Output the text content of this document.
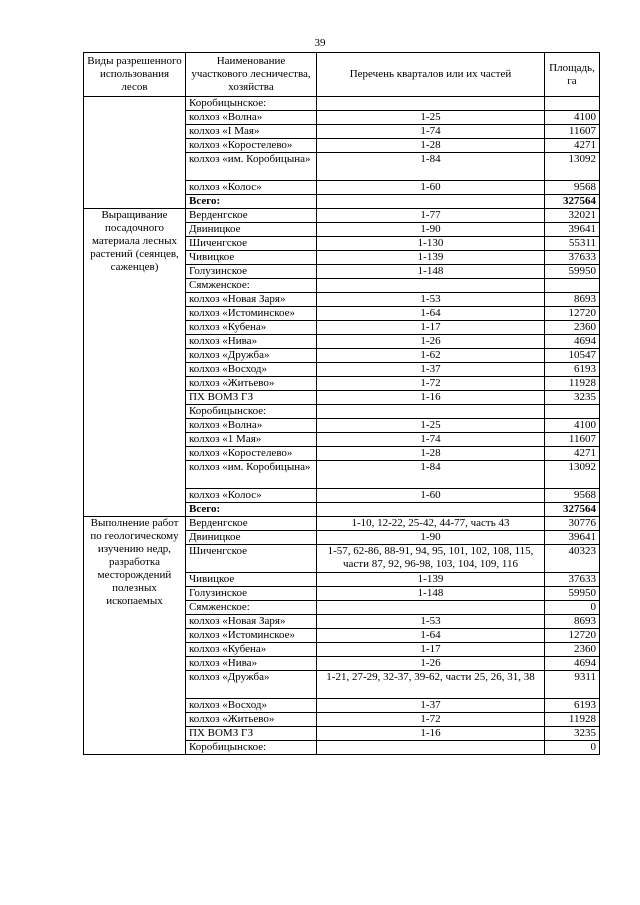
39
Виды разрешенного использования лесов	Наименование участкового лесничества, хозяйства	Перечень кварталов или их частей	Площадь, га
	Коробицынское:		
	колхоз «Волна»	1-25	4100
	колхоз «I Мая»	1-74	11607
	колхоз «Коростелево»	1-28	4271
	колхоз «им. Коробицына»	1-84	13092
	колхоз «Колос»	1-60	9568
	Всего:		327564
Выращивание посадочного материала лесных растений (сеянцев, саженцев)	Верденгское	1-77	32021
	Двиницкое	1-90	39641
	Шиченгское	1-130	55311
	Чивицкое	1-139	37633
	Голузинское	1-148	59950
	Сямженское:		
	колхоз «Новая Заря»	1-53	8693
	колхоз «Истоминское»	1-64	12720
	колхоз «Кубена»	1-17	2360
	колхоз «Нива»	1-26	4694
	колхоз «Дружба»	1-62	10547
	колхоз «Восход»	1-37	6193
	колхоз «Житьево»	1-72	11928
	ПХ ВОМЗ ГЗ	1-16	3235
	Коробицынское:		
	колхоз «Волна»	1-25	4100
	колхоз «1 Мая»	1-74	11607
	колхоз «Коростелево»	1-28	4271
	колхоз «им. Коробицына»	1-84	13092
	колхоз «Колос»	1-60	9568
	Всего:		327564
Выполнение работ по геологическому изучению недр, разработка месторождений полезных ископаемых	Верденгское	1-10, 12-22, 25-42, 44-77, часть 43	30776
	Двиницкое	1-90	39641
	Шиченгское	1-57, 62-86, 88-91, 94, 95, 101, 102, 108, 115, части 87, 92, 96-98, 103, 104, 109, 116	40323
	Чивицкое	1-139	37633
	Голузинское	1-148	59950
	Сямженское:		0
	колхоз «Новая Заря»	1-53	8693
	колхоз «Истоминское»	1-64	12720
	колхоз «Кубена»	1-17	2360
	колхоз «Нива»	1-26	4694
	колхоз «Дружба»	1-21, 27-29, 32-37, 39-62, части 25, 26, 31, 38	9311
	колхоз «Восход»	1-37	6193
	колхоз «Житьево»	1-72	11928
	ПХ ВОМЗ ГЗ	1-16	3235
	Коробицынское:		0
